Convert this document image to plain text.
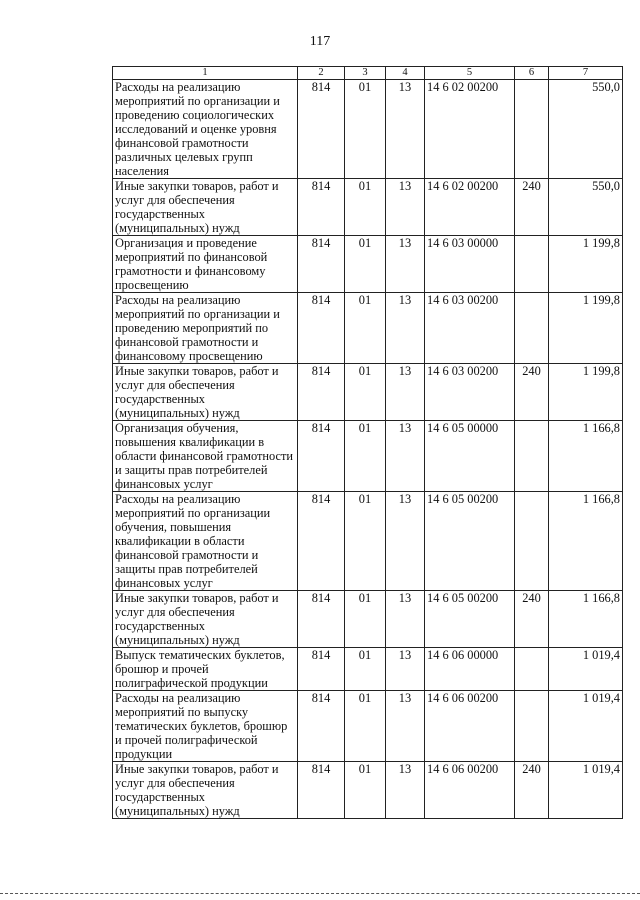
117
1	2	3	4	5	6	7
Расходы на реализацию мероприятий по организации и проведению социологических исследований и оценке уровня финансовой грамотности различных целевых групп населения	814	01	13	14 6 02 00200		550,0
Иные закупки товаров, работ и услуг для обеспечения государственных (муниципальных) нужд	814	01	13	14 6 02 00200	240	550,0
Организация и проведение мероприятий по финансовой грамотности и финансовому просвещению	814	01	13	14 6 03 00000		1 199,8
Расходы на реализацию мероприятий по организации и проведению мероприятий по финансовой грамотности и финансовому просвещению	814	01	13	14 6 03 00200		1 199,8
Иные закупки товаров, работ и услуг для обеспечения государственных (муниципальных) нужд	814	01	13	14 6 03 00200	240	1 199,8
Организация обучения, повышения квалификации в области финансовой грамотности и защиты прав потребителей финансовых услуг	814	01	13	14 6 05 00000		1 166,8
Расходы на реализацию мероприятий по организации обучения, повышения квалификации в области финансовой грамотности и защиты прав потребителей финансовых услуг	814	01	13	14 6 05 00200		1 166,8
Иные закупки товаров, работ и услуг для обеспечения государственных (муниципальных) нужд	814	01	13	14 6 05 00200	240	1 166,8
Выпуск тематических буклетов, брошюр и прочей полиграфической продукции	814	01	13	14 6 06 00000		1 019,4
Расходы на реализацию мероприятий по выпуску тематических буклетов, брошюр и прочей полиграфической продукции	814	01	13	14 6 06 00200		1 019,4
Иные закупки товаров, работ и услуг для обеспечения государственных (муниципальных) нужд	814	01	13	14 6 06 00200	240	1 019,4
